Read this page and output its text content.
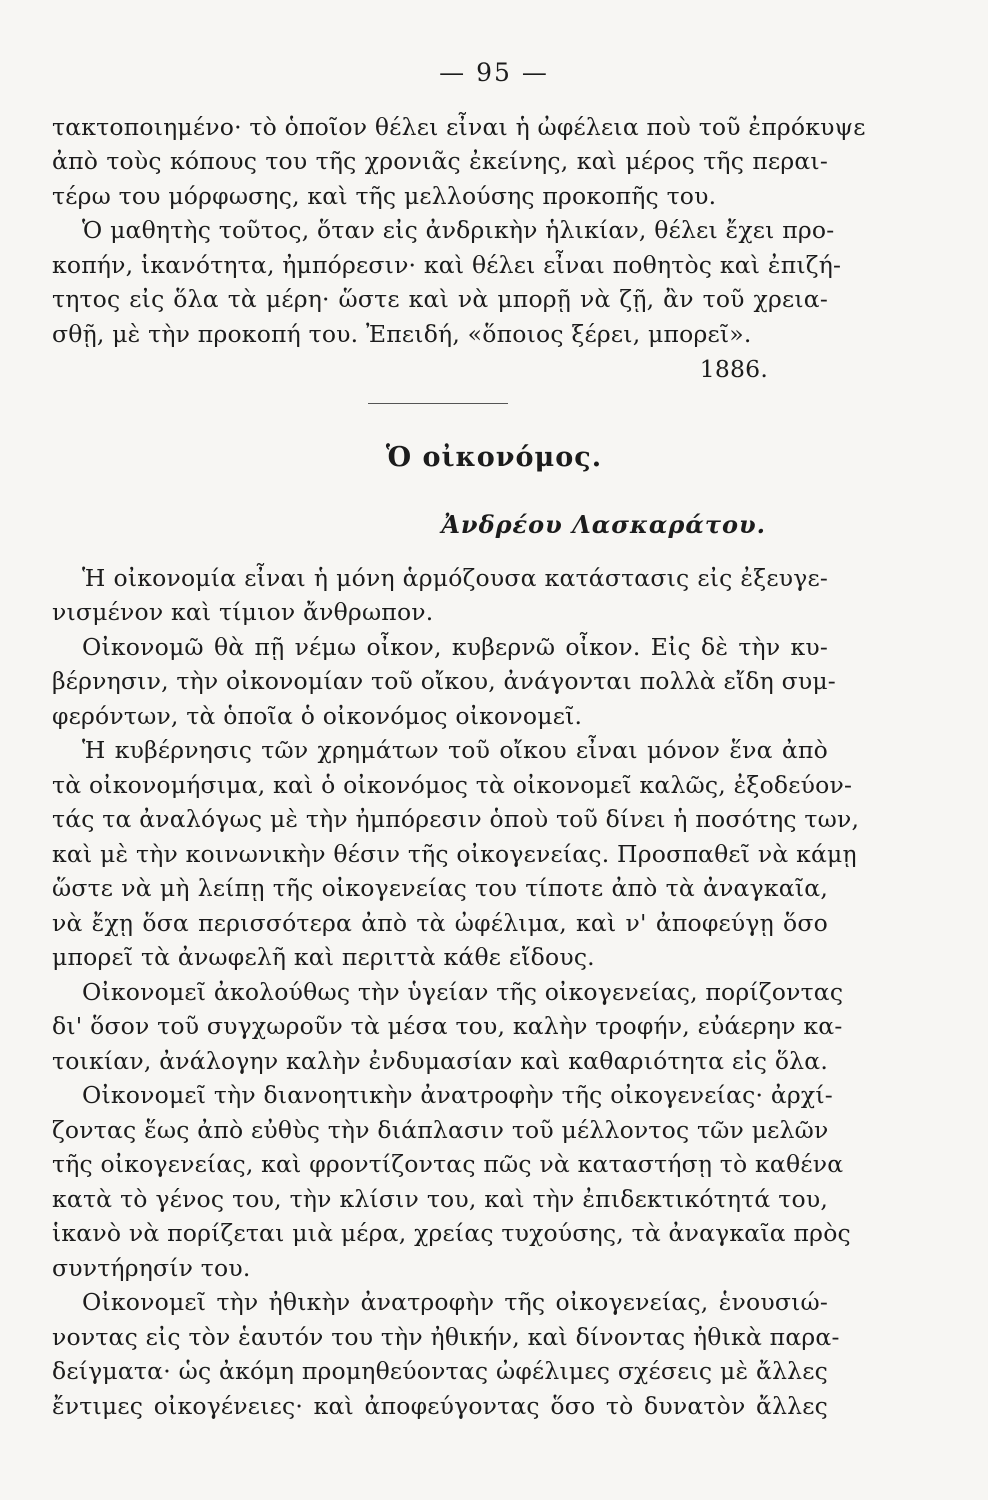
— 95 —
τακτοποιημένο· τὸ ὁποῖον θέλει εἶναι ἡ ὠφέλεια ποὺ τοῦ ἐπρόκυψε
ἀπὸ τοὺς κόπους του τῆς χρονιᾶς ἐκείνης, καὶ μέρος τῆς περαι-
τέρω του μόρφωσης, καὶ τῆς μελλούσης προκοπῆς του.
Ὁ μαθητὴς τοῦτος, ὅταν εἰς ἀνδρικὴν ἡλικίαν, θέλει ἔχει προ-
κοπήν, ἱκανότητα, ἠμπόρεσιν· καὶ θέλει εἶναι ποθητὸς καὶ ἐπιζή-
τητος εἰς ὅλα τὰ μέρη· ὥστε καὶ νὰ μπορῇ νὰ ζῇ, ἂν τοῦ χρεια-
σθῇ, μὲ τὴν προκοπή του. Ἐπειδή, «ὅποιος ξέρει, μπορεῖ».
1886.
Ὁ οἰκονόμος.
Ἀνδρέου Λασκαράτου.
Ἡ οἰκονομία εἶναι ἡ μόνη ἁρμόζουσα κατάστασις εἰς ἐξευγε-
νισμένον καὶ τίμιον ἄνθρωπον.
Οἰκονομῶ θὰ πῇ νέμω οἶκον, κυβερνῶ οἶκον. Εἰς δὲ τὴν κυ-
βέρνησιν, τὴν οἰκονομίαν τοῦ οἴκου, ἀνάγονται πολλὰ εἴδη συμ-
φερόντων, τὰ ὁποῖα ὁ οἰκονόμος οἰκονομεῖ.
Ἡ κυβέρνησις τῶν χρημάτων τοῦ οἴκου εἶναι μόνον ἕνα ἀπὸ
τὰ οἰκονομήσιμα, καὶ ὁ οἰκονόμος τὰ οἰκονομεῖ καλῶς, ἐξοδεύον-
τάς τα ἀναλόγως μὲ τὴν ἠμπόρεσιν ὁποὺ τοῦ δίνει ἡ ποσότης των,
καὶ μὲ τὴν κοινωνικὴν θέσιν τῆς οἰκογενείας. Προσπαθεῖ νὰ κάμῃ
ὥστε νὰ μὴ λείπῃ τῆς οἰκογενείας του τίποτε ἀπὸ τὰ ἀναγκαῖα,
νὰ ἔχῃ ὅσα περισσότερα ἀπὸ τὰ ὠφέλιμα, καὶ ν' ἀποφεύγῃ ὅσο
μπορεῖ τὰ ἀνωφελῆ καὶ περιττὰ κάθε εἴδους.
Οἰκονομεῖ ἀκολούθως τὴν ὑγείαν τῆς οἰκογενείας, πορίζοντας
δι' ὅσον τοῦ συγχωροῦν τὰ μέσα του, καλὴν τροφήν, εὐάερην κα-
τοικίαν, ἀνάλογην καλὴν ἐνδυμασίαν καὶ καθαριότητα εἰς ὅλα.
Οἰκονομεῖ τὴν διανοητικὴν ἀνατροφὴν τῆς οἰκογενείας· ἀρχί-
ζοντας ἕως ἀπὸ εὐθὺς τὴν διάπλασιν τοῦ μέλλοντος τῶν μελῶν
τῆς οἰκογενείας, καὶ φροντίζοντας πῶς νὰ καταστήσῃ τὸ καθένα
κατὰ τὸ γένος του, τὴν κλίσιν του, καὶ τὴν ἐπιδεκτικότητά του,
ἱκανὸ νὰ πορίζεται μιὰ μέρα, χρείας τυχούσης, τὰ ἀναγκαῖα πρὸς
συντήρησίν του.
Οἰκονομεῖ τὴν ἠθικὴν ἀνατροφὴν τῆς οἰκογενείας, ἑνουσιώ-
νοντας εἰς τὸν ἑαυτόν του τὴν ἠθικήν, καὶ δίνοντας ἠθικὰ παρα-
δείγματα· ὡς ἀκόμη προμηθεύοντας ὠφέλιμες σχέσεις μὲ ἄλλες
ἔντιμες οἰκογένειες· καὶ ἀποφεύγοντας ὅσο τὸ δυνατὸν ἄλλες
